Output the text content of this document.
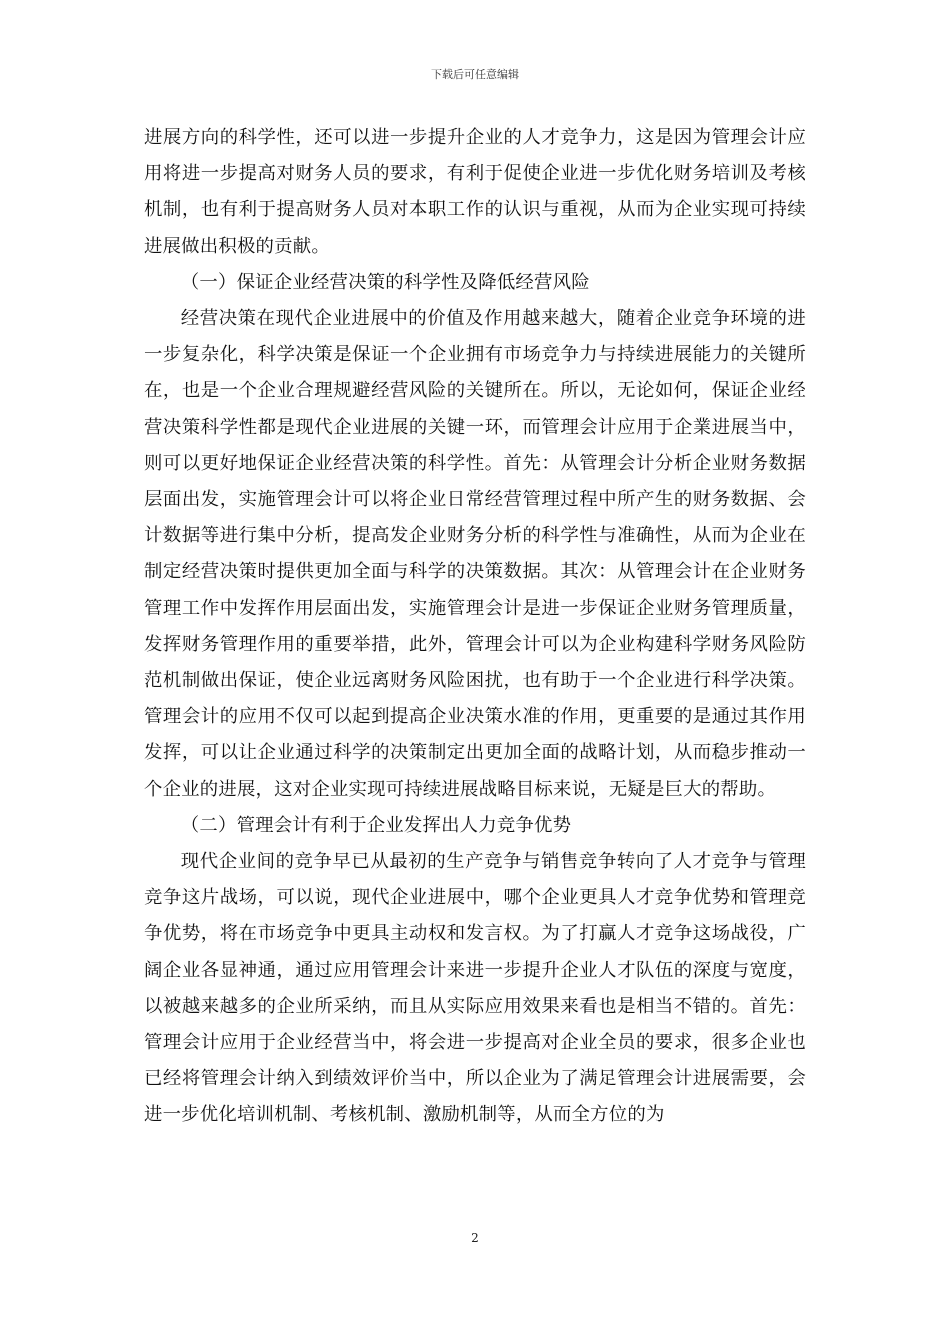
下载后可任意编辑

进展方向的科学性，还可以进一步提升企业的人才竞争力，这是因为管理会计应用将进一步提高对财务人员的要求，有利于促使企业进一步优化财务培训及考核机制，也有利于提高财务人员对本职工作的认识与重视，从而为企业实现可持续进展做出积极的贡献。

（一）保证企业经营决策的科学性及降低经营风险

经营决策在现代企业进展中的价值及作用越来越大，随着企业竞争环境的进一步复杂化，科学决策是保证一个企业拥有市场竞争力与持续进展能力的关键所在，也是一个企业合理规避经营风险的关键所在。所以，无论如何，保证企业经营决策科学性都是现代企业进展的关键一环，而管理会计应用于企業进展当中，则可以更好地保证企业经营决策的科学性。首先：从管理会计分析企业财务数据层面出发，实施管理会计可以将企业日常经营管理过程中所产生的财务数据、会计数据等进行集中分析，提高发企业财务分析的科学性与准确性，从而为企业在制定经营决策时提供更加全面与科学的决策数据。其次：从管理会计在企业财务管理工作中发挥作用层面出发，实施管理会计是进一步保证企业财务管理质量，发挥财务管理作用的重要举措，此外，管理会计可以为企业构建科学财务风险防范机制做出保证，使企业远离财务风险困扰，也有助于一个企业进行科学决策。管理会计的应用不仅可以起到提高企业决策水准的作用，更重要的是通过其作用发挥，可以让企业通过科学的决策制定出更加全面的战略计划，从而稳步推动一个企业的进展，这对企业实现可持续进展战略目标来说，无疑是巨大的帮助。

（二）管理会计有利于企业发挥出人力竞争优势

现代企业间的竞争早已从最初的生产竞争与销售竞争转向了人才竞争与管理竞争这片战场，可以说，现代企业进展中，哪个企业更具人才竞争优势和管理竞争优势，将在市场竞争中更具主动权和发言权。为了打赢人才竞争这场战役，广阔企业各显神通，通过应用管理会计来进一步提升企业人才队伍的深度与宽度，以被越来越多的企业所采纳，而且从实际应用效果来看也是相当不错的。首先：管理会计应用于企业经营当中，将会进一步提高对企业全员的要求，很多企业也已经将管理会计纳入到绩效评价当中，所以企业为了满足管理会计进展需要，会进一步优化培训机制、考核机制、激励机制等，从而全方位的为

2
